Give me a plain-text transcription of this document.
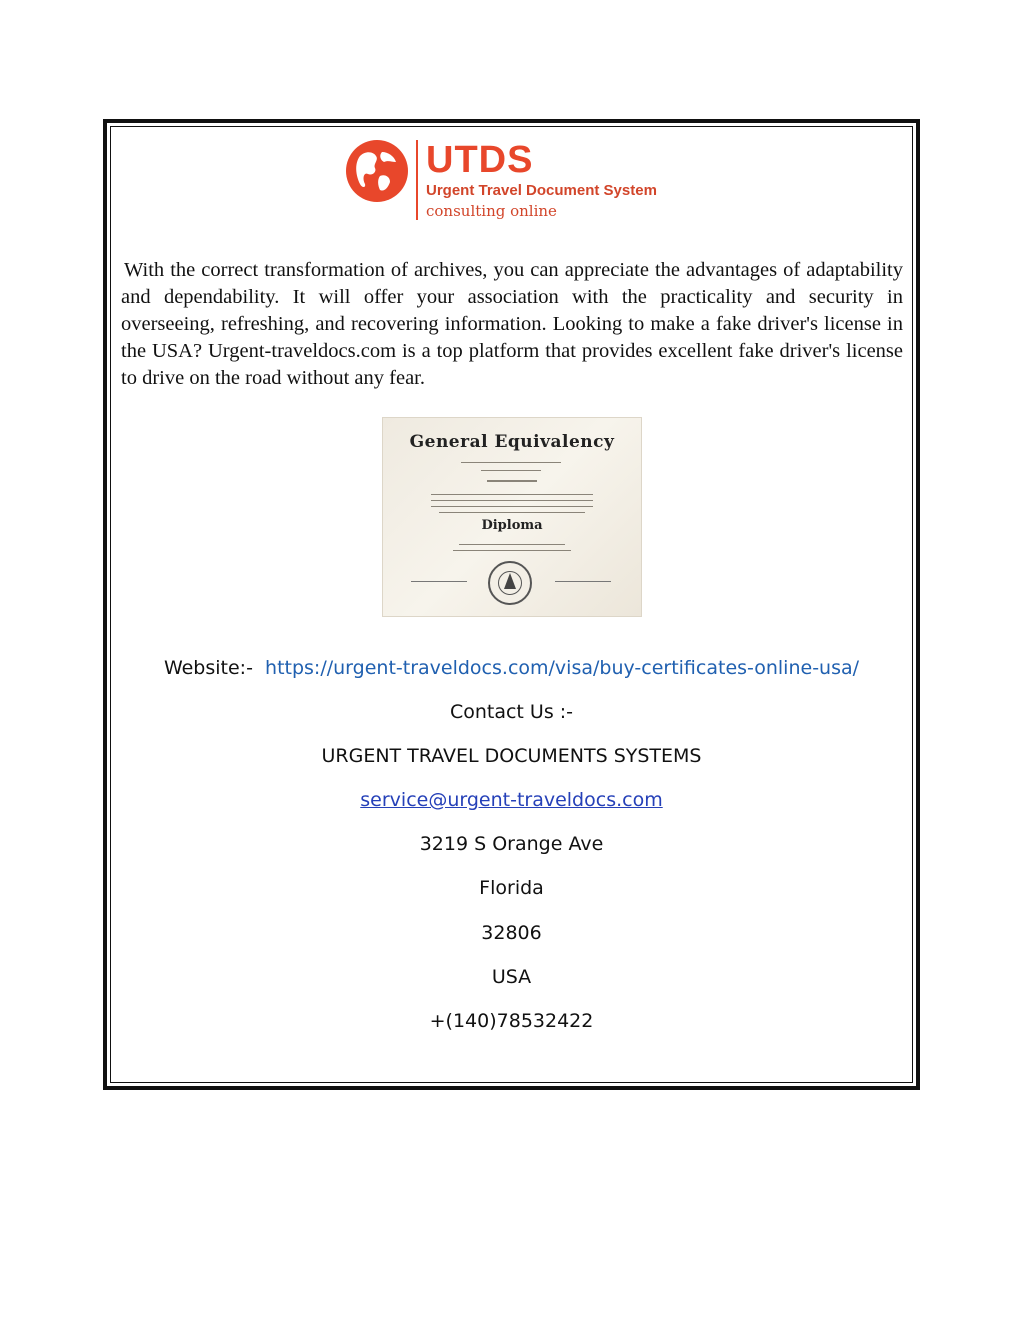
UTDS
Urgent Travel Document System
consulting online
With the correct transformation of archives, you can appreciate the advantages of adaptability and dependability. It will offer your association with the practicality and security in overseeing, refreshing, and recovering information. Looking to make a fake driver's license in the USA? Urgent-traveldocs.com is a top platform that provides excellent fake driver's license to drive on the road without any fear.
General Equivalency
Diploma
Website:- https://urgent-traveldocs.com/visa/buy-certificates-online-usa/
Contact Us :-
URGENT TRAVEL DOCUMENTS SYSTEMS
service@urgent-traveldocs.com
3219 S Orange Ave
Florida
32806
USA
+(140)78532422
